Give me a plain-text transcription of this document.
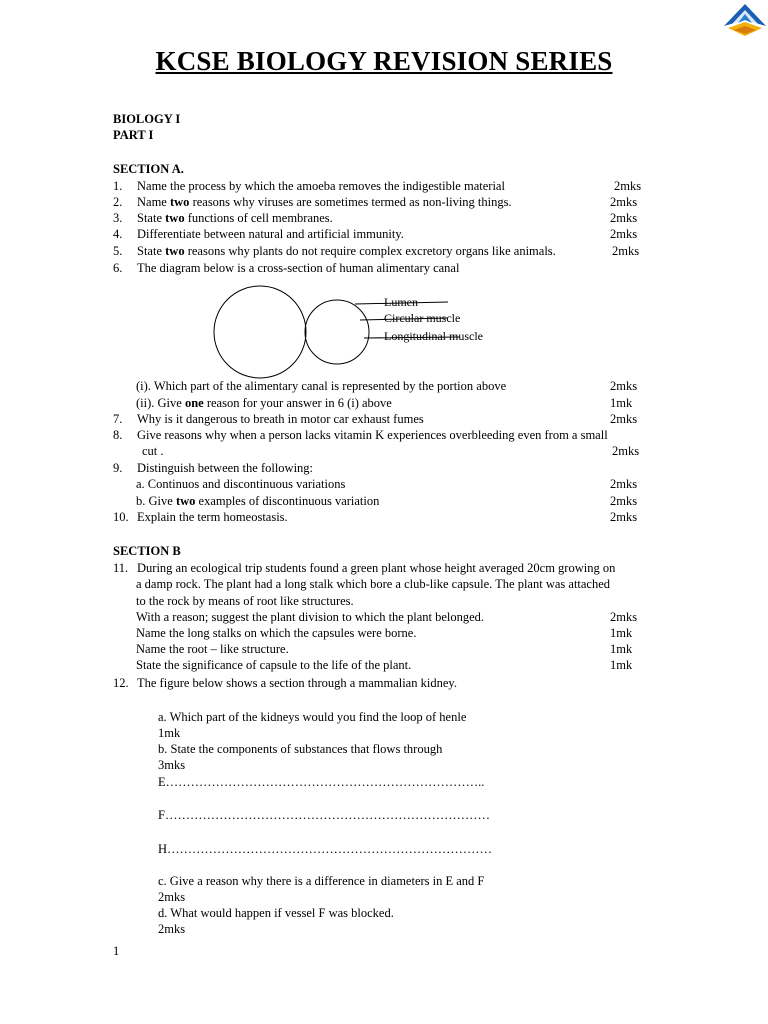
KCSE BIOLOGY REVISION SERIES
BIOLOGY I
PART I
SECTION A.
1. Name the process by which the amoeba removes the indigestible material	2mks
2. Name two reasons why viruses are sometimes termed as non-living things.	2mks
3. State two functions of cell membranes.	2mks
4. Differentiate between natural and artificial immunity.	2mks
5. State two reasons why plants do not require complex excretory organs like animals.	2mks
6. The diagram below is a cross-section of human alimentary canal
Lumen
Circular muscle
Longitudinal muscle
(i). Which part of the alimentary canal is represented by the portion above	2mks
(ii). Give one reason for your answer in 6 (i) above	1mk
7. Why is it dangerous to breath in motor car exhaust fumes	2mks
8. Give reasons why when a person lacks vitamin K experiences overbleeding even from a small
cut .	2mks
9. Distinguish between the following:
a. Continuos and discontinuous variations	2mks
b. Give two examples of discontinuous variation	2mks
10. Explain the term homeostasis.	2mks
SECTION B
11. During an ecological trip students found a green plant whose height averaged 20cm growing on
a damp rock. The plant had a long stalk which bore a club-like capsule. The plant was attached
to the rock by means of root like structures.
With a reason; suggest the plant division to which the plant belonged.	2mks
Name the long stalks on which the capsules were borne.	1mk
Name the root – like structure.	1mk
State the significance of capsule to the life of the plant.	1mk
12. The figure below shows a section through a mammalian kidney.
a. Which part of the kidneys would you find the loop of henle
1mk
b. State the components of substances that flows through
3mks
E…………………………………………………………………..
F……………………………………………………………………
H……………………………………………………………………
c. Give a reason why there is a difference in diameters in E and F
2mks
d. What would happen if vessel F was blocked.
2mks
1
